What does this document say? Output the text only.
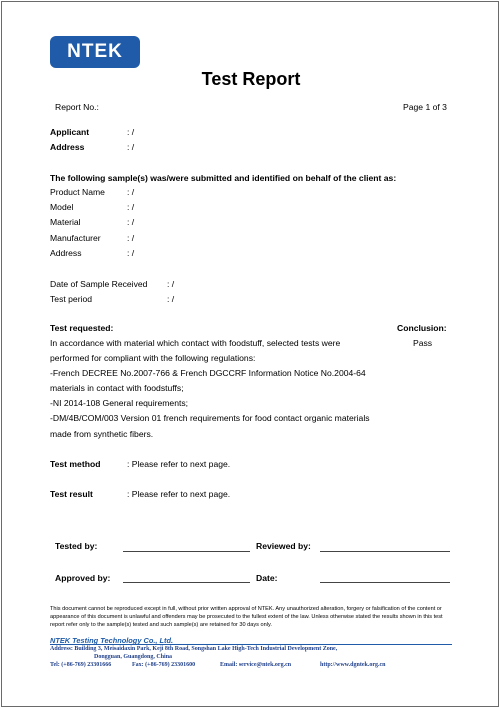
NTEK
Test Report
Report No.:	Page 1 of 3
Applicant	: /
Address	: /
The following sample(s) was/were submitted and identified on behalf of the client as:
Product Name	: /
Model	: /
Material	: /
Manufacturer	: /
Address	: /
Date of Sample Received : /
Test period	: /
Test requested:	Conclusion:
Pass
In accordance with material which contact with foodstuff, selected tests were
performed for compliant with the following regulations:
-French DECREE No.2007-766 & French DGCCRF Information Notice No.2004-64
materials in contact with foodstuffs;
-NI 2014-108 General requirements;
-DM/4B/COM/003 Version 01 french requirements for food contact organic materials
made from synthetic fibers.
Test method	: Please refer to next page.
Test result	: Please refer to next page.
Tested by:	Reviewed by:
Approved by:	Date:
This document cannot be reproduced except in full, without prior written approval of NTEK. Any unauthorized alteration, forgery or falsification of the content or appearance of this document is unlawful and offenders may be prosecuted to the fullest extent of the law. Unless otherwise stated the results shown in this test report refer only to the sample(s) tested and such sample(s) are retained for 30 days only.
NTEK Testing Technology Co., Ltd.
Address: Building 3, Meisaidaxin Park, Keji 8th Road, Songshan Lake High-Tech Industrial Development Zone,
Dongguan, Guangdong, China
Tel: (+86-769) 23301666	Fax: (+86-769) 23301600	Email: service@ntek.org.cn	http://www.dgntek.org.cn
